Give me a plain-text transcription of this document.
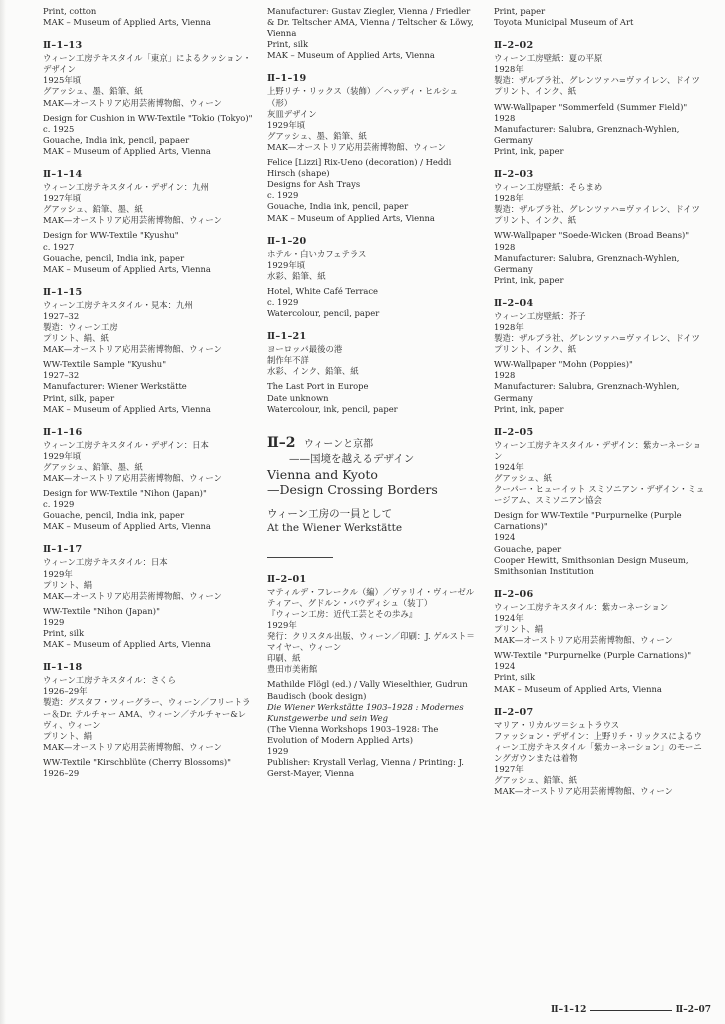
Print, cotton

MAK – Museum of Applied Arts, Vienna

Ⅱ–1–13

ウィーン工房テキスタイル「東京」によるクッション・デザイン

1925年頃

グアッシュ、墨、鉛筆、紙

MAK—オーストリア応用芸術博物館、ウィーン

Design for Cushion in WW-Textile "Tokio (Tokyo)"

c. 1925

Gouache, India ink, pencil, papaer

MAK – Museum of Applied Arts, Vienna

Ⅱ–1–14

ウィーン工房テキスタイル・デザイン：九州

1927年頃

グアッシュ、鉛筆、墨、紙

MAK—オーストリア応用芸術博物館、ウィーン

Design for WW-Textile "Kyushu"

c. 1927

Gouache, pencil, India ink, paper

MAK – Museum of Applied Arts, Vienna

Ⅱ–1–15

ウィーン工房テキスタイル・見本：九州

1927–32

製造：ウィーン工房

プリント、絹、紙

MAK—オーストリア応用芸術博物館、ウィーン

WW-Textile Sample "Kyushu"

1927–32

Manufacturer: Wiener Werkstätte

Print, silk, paper

MAK – Museum of Applied Arts, Vienna

Ⅱ–1–16

ウィーン工房テキスタイル・デザイン：日本

1929年頃

グアッシュ、鉛筆、墨、紙

MAK—オーストリア応用芸術博物館、ウィーン

Design for WW-Textile "Nihon (Japan)"

c. 1929

Gouache, pencil, India ink, paper

MAK – Museum of Applied Arts, Vienna

Ⅱ–1–17

ウィーン工房テキスタイル：日本

1929年

プリント、絹

MAK—オーストリア応用芸術博物館、ウィーン

WW-Textile "Nihon (Japan)"

1929

Print, silk

MAK – Museum of Applied Arts, Vienna

Ⅱ–1–18

ウィーン工房テキスタイル：さくら

1926–29年

製造：グスタフ・ツィーグラー、ウィーン／フリートラー＆Dr. テルチャー AMA、ウィーン／テルチャー&レヴィ、ウィーン

プリント、絹

MAK—オーストリア応用芸術博物館、ウィーン

WW-Textile "Kirschblüte (Cherry Blossoms)"

1926–29

Manufacturer: Gustav Ziegler, Vienna / Friedler & Dr. Teltscher AMA, Vienna / Teltscher & Löwy, Vienna

Print, silk

MAK – Museum of Applied Arts, Vienna

Ⅱ–1–19

上野リチ・リックス（装飾）／ヘッディ・ヒルシュ（形）

灰皿デザイン

1929年頃

グアッシュ、墨、鉛筆、紙

MAK—オーストリア応用芸術博物館、ウィーン

Felice [Lizzi] Rix-Ueno (decoration) / Heddi Hirsch (shape)

Designs for Ash Trays

c. 1929

Gouache, India ink, pencil, paper

MAK – Museum of Applied Arts, Vienna

Ⅱ–1–20

ホテル・白いカフェテラス

1929年頃

水彩、鉛筆、紙

Hotel, White Café Terrace

c. 1929

Watercolour, pencil, paper

Ⅱ–1–21

ヨーロッパ最後の港

制作年不詳

水彩、インク、鉛筆、紙

The Last Port in Europe

Date unknown

Watercolour, ink, pencil, paper

Ⅱ–2 ウィーンと京都

——国境を越えるデザイン

Vienna and Kyoto

—Design Crossing Borders

ウィーン工房の一員として
At the Wiener Werkstätte

Ⅱ–2–01

マティルデ・フレークル（編）／ヴァリイ・ヴィーゼルティアー、グドルン・バウディシュ（装丁）

『ウィーン工房：近代工芸とその歩み』

1929年

発行：クリスタル出版、ウィーン／印刷：J. ゲルスト＝マイヤー、ウィーン

印刷、紙

豊田市美術館

Mathilde Flögl (ed.) / Vally Wieselthier, Gudrun Baudisch (book design)

Die Wiener Werkstätte 1903–1928 : Modernes Kunstgewerbe und sein Weg

(The Vienna Workshops 1903–1928: The Evolution of Modern Applied Arts)

1929

Publisher: Krystall Verlag, Vienna / Printing: J. Gerst-Mayer, Vienna

Print, paper

Toyota Municipal Museum of Art

Ⅱ–2–02

ウィーン工房壁紙：夏の平原

1928年

製造：ザルブラ社、グレンツァハ=ヴァイレン、ドイツ

プリント、インク、紙

WW-Wallpaper "Sommerfeld (Summer Field)"

1928

Manufacturer: Salubra, Grenznach-Wyhlen, Germany

Print, ink, paper

Ⅱ–2–03

ウィーン工房壁紙：そらまめ

1928年

製造：ザルブラ社、グレンツァハ=ヴァイレン、ドイツ

プリント、インク、紙

WW-Wallpaper "Soede-Wicken (Broad Beans)"

1928

Manufacturer: Salubra, Grenznach-Wyhlen, Germany

Print, ink, paper

Ⅱ–2–04

ウィーン工房壁紙：芥子

1928年

製造：ザルブラ社、グレンツァハ=ヴァイレン、ドイツ

プリント、インク、紙

WW-Wallpaper "Mohn (Poppies)"

1928

Manufacturer: Salubra, Grenznach-Wyhlen, Germany

Print, ink, paper

Ⅱ–2–05

ウィーン工房テキスタイル・デザイン：紫カーネーション

1924年

グアッシュ、紙

クーパー・ヒューイット スミソニアン・デザイン・ミュージアム、スミソニアン協会

Design for WW-Textile "Purpurnelke (Purple Carnations)"

1924

Gouache, paper

Cooper Hewitt, Smithsonian Design Museum, Smithsonian Institution

Ⅱ–2–06

ウィーン工房テキスタイル：紫カーネーション

1924年

プリント、絹

MAK—オーストリア応用芸術博物館、ウィーン

WW-Textile "Purpurnelke (Purple Carnations)"

1924

Print, silk

MAK – Museum of Applied Arts, Vienna

Ⅱ–2–07

マリア・リカルツ＝シュトラウス

ファッション・デザイン：上野リチ・リックスによるウィーン工房テキスタイル「紫カーネーション」のモーニングガウンまたは着物

1927年

グアッシュ、鉛筆、紙

MAK—オーストリア応用芸術博物館、ウィーン

Ⅱ–1–12	Ⅱ–2–07
